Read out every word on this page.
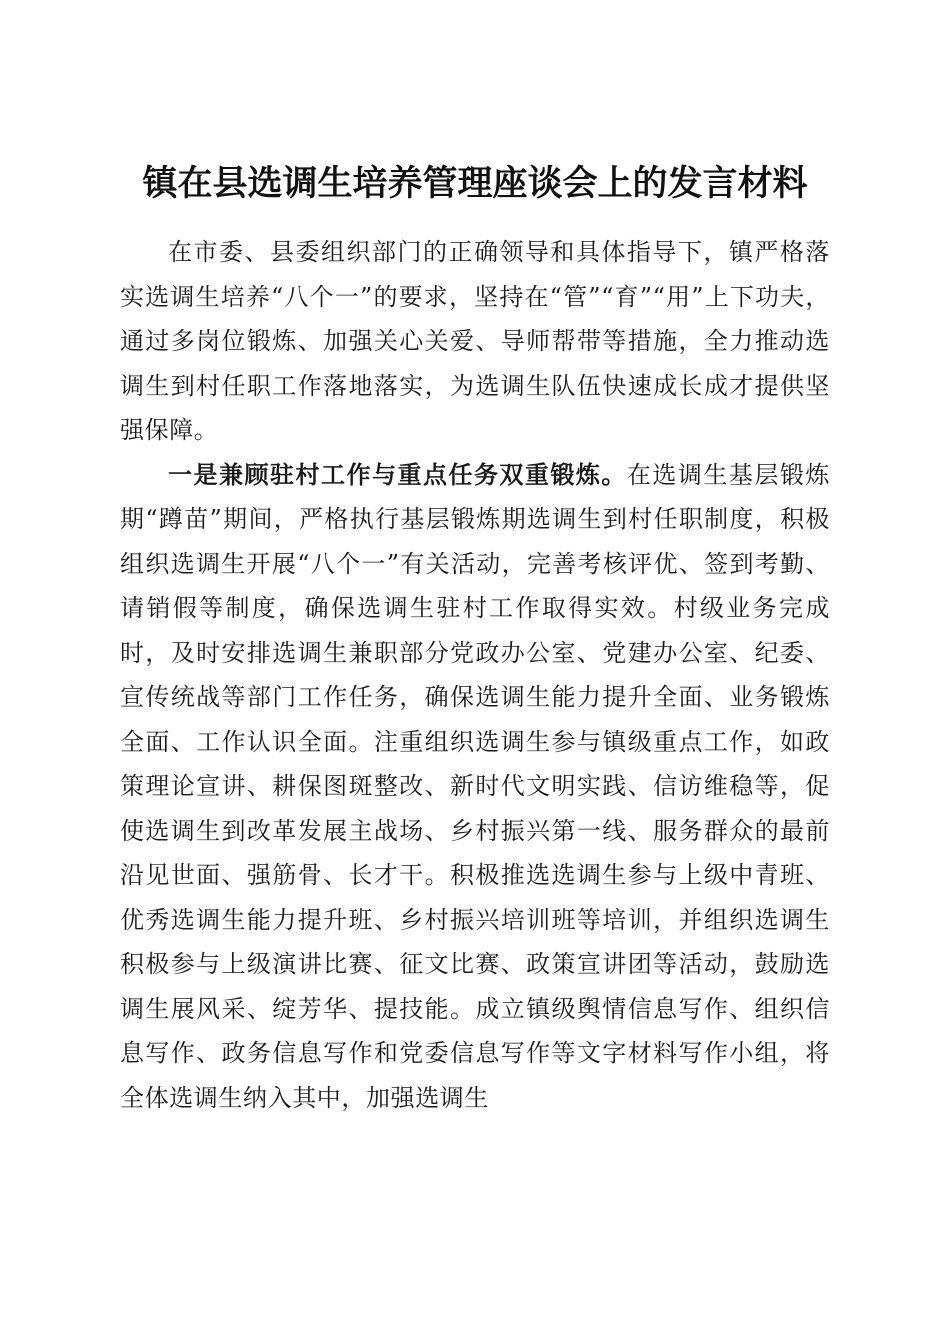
镇在县选调生培养管理座谈会上的发言材料

在市委、县委组织部门的正确领导和具体指导下，镇严格落实选调生培养“八个一”的要求，坚持在“管”“育”“用”上下功夫，通过多岗位锻炼、加强关心关爱、导师帮带等措施，全力推动选调生到村任职工作落地落实，为选调生队伍快速成长成才提供坚强保障。

一是兼顾驻村工作与重点任务双重锻炼。在选调生基层锻炼期“蹲苗”期间，严格执行基层锻炼期选调生到村任职制度，积极组织选调生开展“八个一”有关活动，完善考核评优、签到考勤、请销假等制度，确保选调生驻村工作取得实效。村级业务完成时，及时安排选调生兼职部分党政办公室、党建办公室、纪委、宣传统战等部门工作任务，确保选调生能力提升全面、业务锻炼全面、工作认识全面。注重组织选调生参与镇级重点工作，如政策理论宣讲、耕保图斑整改、新时代文明实践、信访维稳等，促使选调生到改革发展主战场、乡村振兴第一线、服务群众的最前沿见世面、强筋骨、长才干。积极推选选调生参与上级中青班、优秀选调生能力提升班、乡村振兴培训班等培训，并组织选调生积极参与上级演讲比赛、征文比赛、政策宣讲团等活动，鼓励选调生展风采、绽芳华、提技能。成立镇级舆情信息写作、组织信息写作、政务信息写作和党委信息写作等文字材料写作小组，将全体选调生纳入其中，加强选调生
